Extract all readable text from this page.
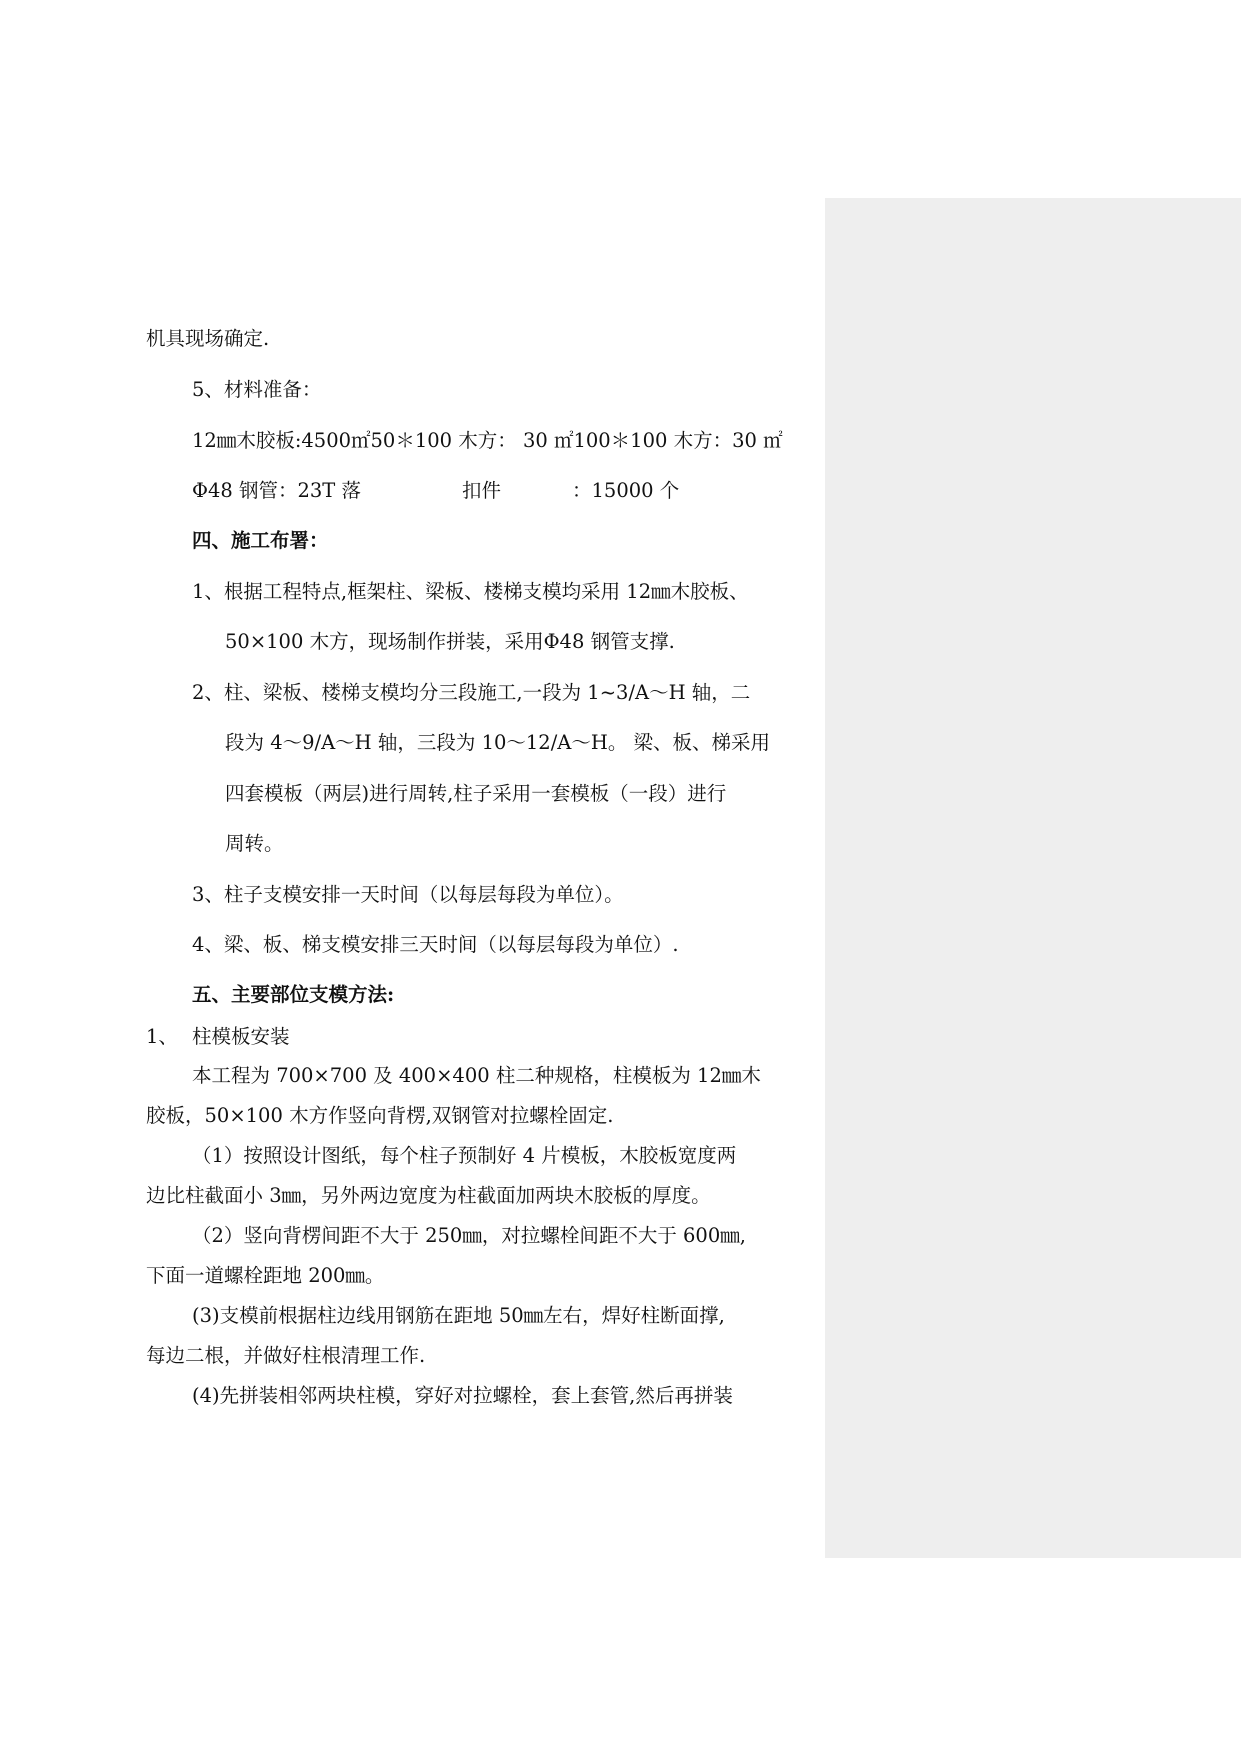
机具现场确定.
5、材料准备：
12㎜木胶板:4500㎡50＊100 木方： 30 ㎡100＊100 木方：30 ㎡
Φ48 钢管：23T 落	扣件	：15000 个
四、施工布署：
1、根据工程特点,框架柱、梁板、楼梯支模均采用 12㎜木胶板、
50×100 木方，现场制作拼装，采用Φ48 钢管支撑.
2、柱、梁板、楼梯支模均分三段施工,一段为 1~3/A～H 轴，二
段为 4～9/A～H 轴，三段为 10～12/A～H。 梁、板、梯采用
四套模板（两层)进行周转,柱子采用一套模板（一段）进行
周转。
3、柱子支模安排一天时间（以每层每段为单位）。
4、梁、板、梯支模安排三天时间（以每层每段为单位）.
五、主要部位支模方法:
1、 柱模板安装
本工程为 700×700 及 400×400 柱二种规格，柱模板为 12㎜木
胶板，50×100 木方作竖向背楞,双钢管对拉螺栓固定.
（1）按照设计图纸，每个柱子预制好 4 片模板，木胶板宽度两
边比柱截面小 3㎜，另外两边宽度为柱截面加两块木胶板的厚度。
（2）竖向背楞间距不大于 250㎜，对拉螺栓间距不大于 600㎜,
下面一道螺栓距地 200㎜。
(3)支模前根据柱边线用钢筋在距地 50㎜左右，焊好柱断面撑,
每边二根，并做好柱根清理工作.
(4)先拼装相邻两块柱模，穿好对拉螺栓，套上套管,然后再拼装
